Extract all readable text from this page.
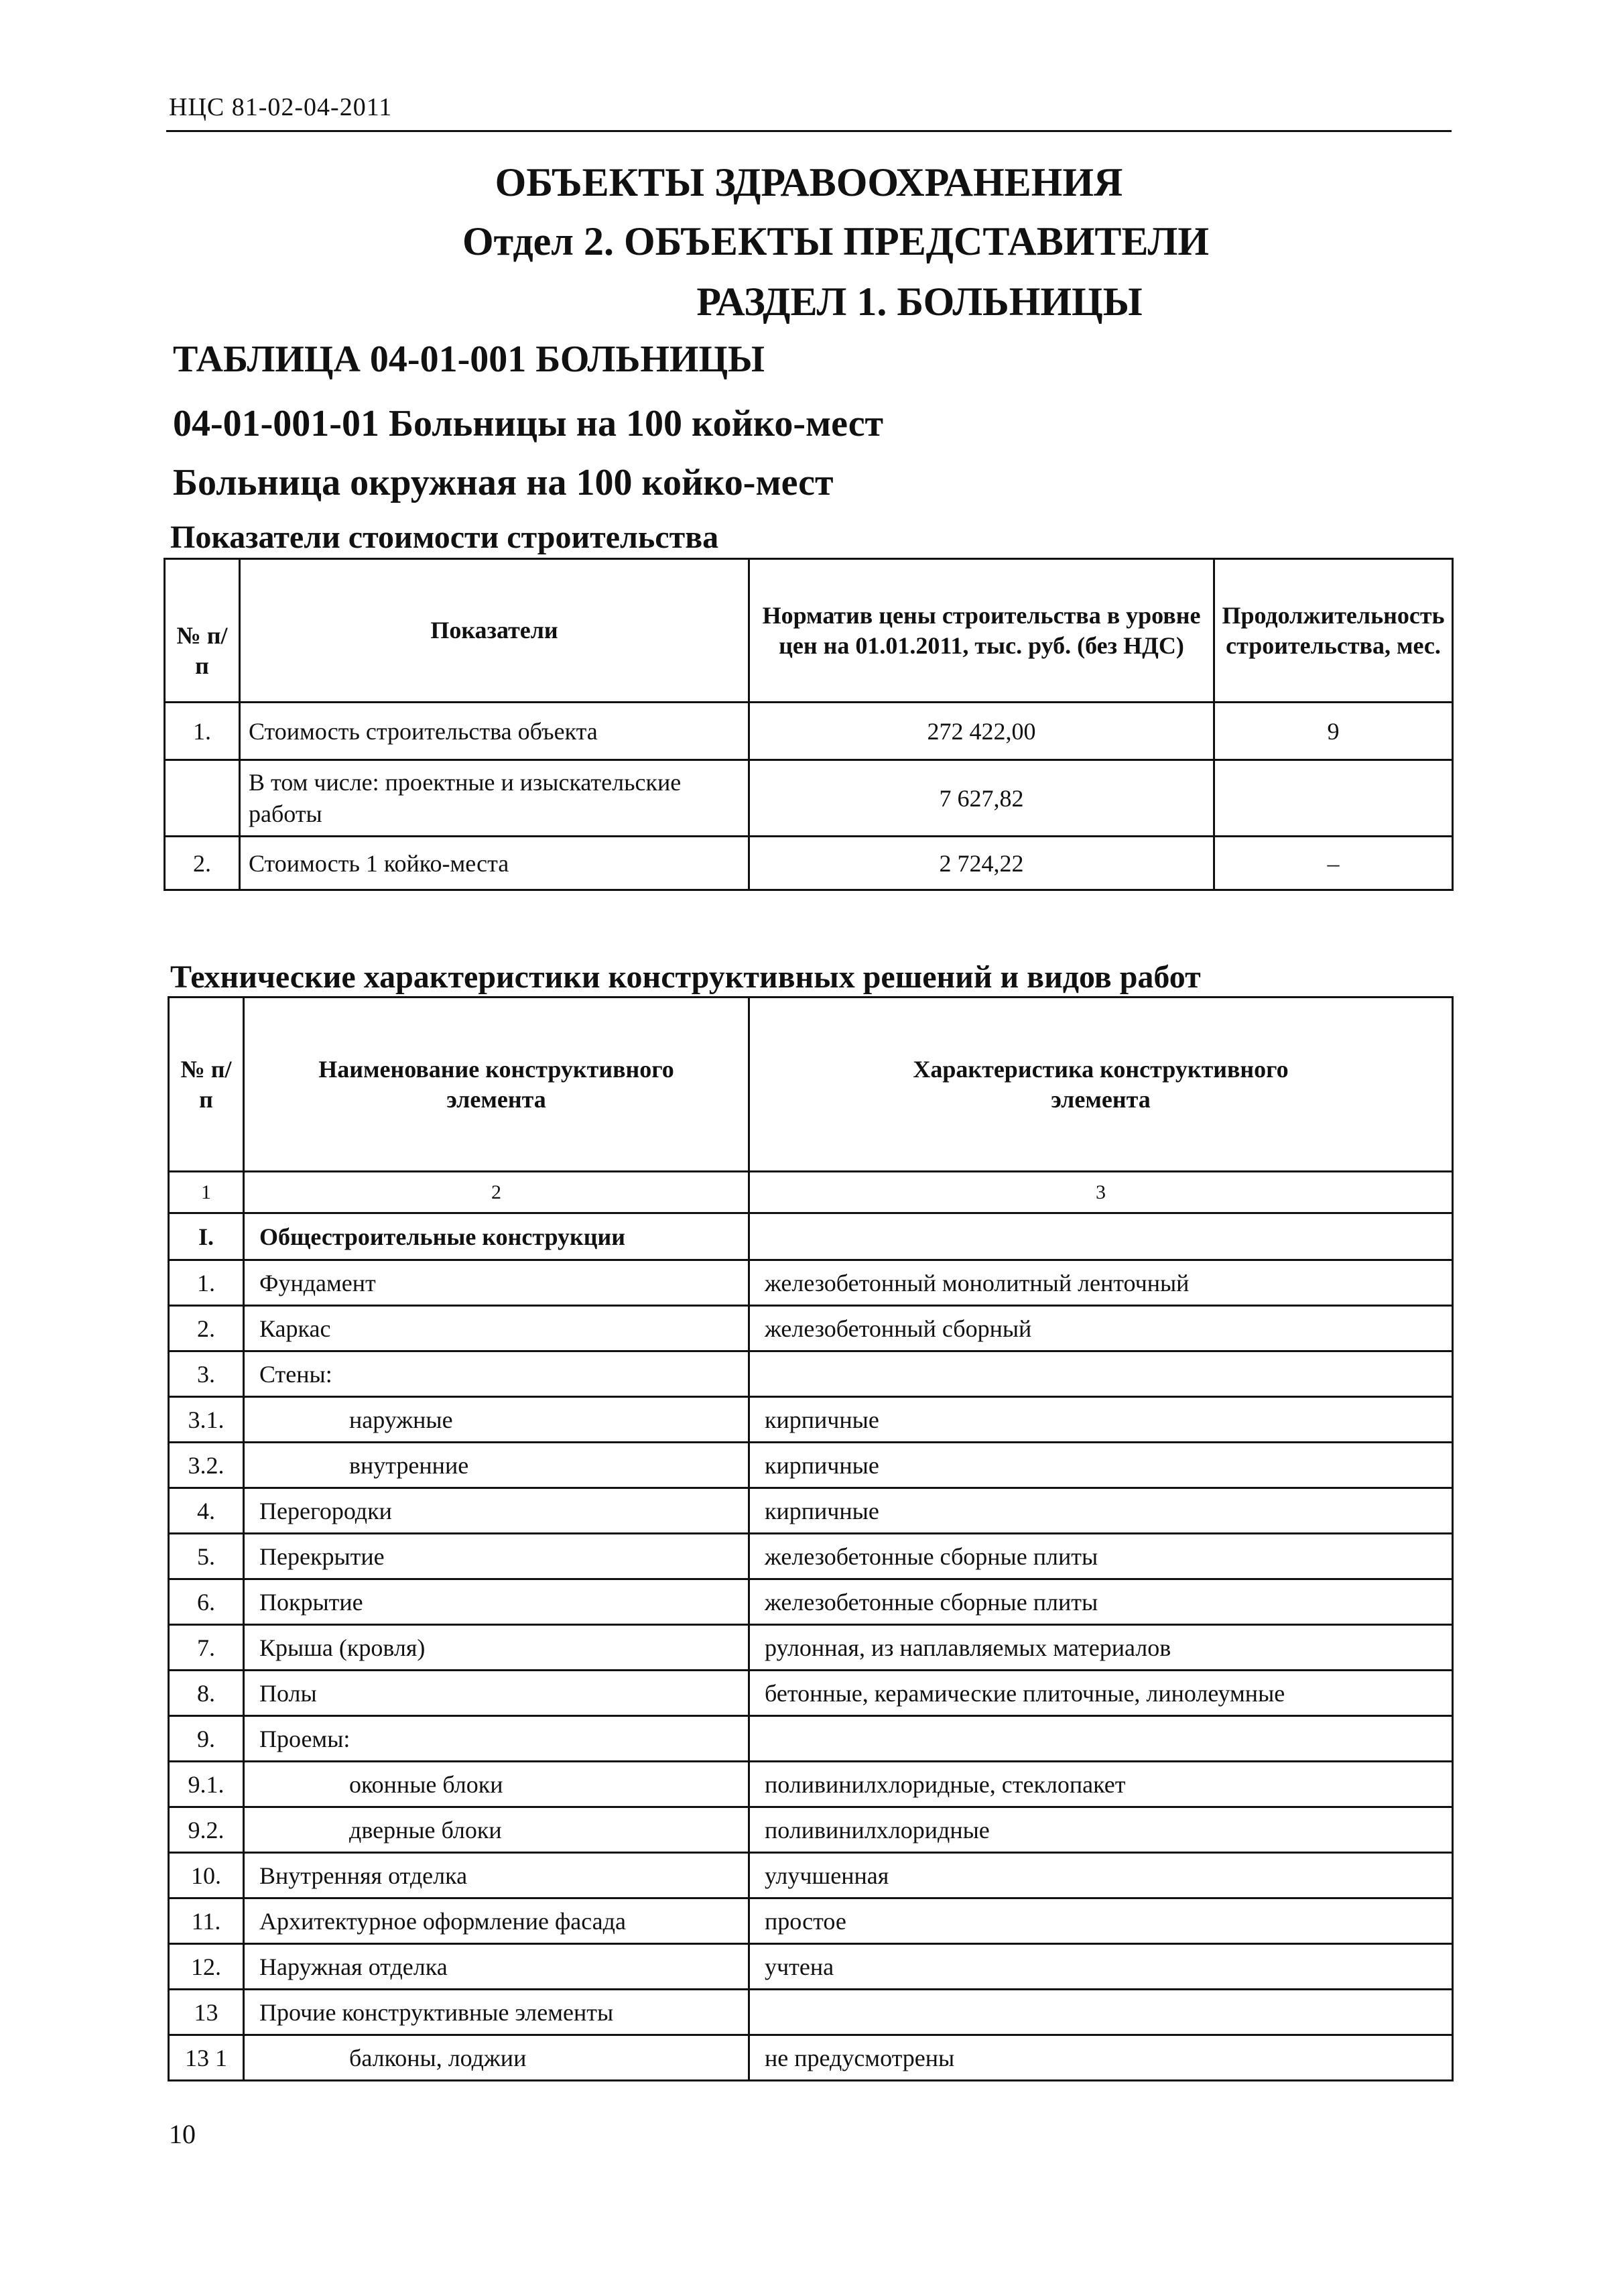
НЦС 81-02-04-2011
ОБЪЕКТЫ ЗДРАВООХРАНЕНИЯ
Отдел 2. ОБЪЕКТЫ ПРЕДСТАВИТЕЛИ
РАЗДЕЛ 1. БОЛЬНИЦЫ
ТАБЛИЦА 04-01-001 БОЛЬНИЦЫ
04-01-001-01 Больницы на 100 койко-мест
Больница окружная на 100 койко-мест
Показатели стоимости строительства
№ п/п	Показатели	Норматив цены строительства в уровне цен на 01.01.2011, тыс. руб. (без НДС)	Продолжительность строительства, мес.
1.	Стоимость строительства объекта	272 422,00	9
	В том числе: проектные и изыскательские работы	7 627,82	
2.	Стоимость 1 койко-места	2 724,22	–
Технические характеристики конструктивных решений и видов работ
№ п/п	Наименование конструктивного элемента	Характеристика конструктивного элемента
1	2	3
I.	Общестроительные конструкции	
1.	Фундамент	железобетонный монолитный ленточный
2.	Каркас	железобетонный сборный
3.	Стены:	
3.1.	наружные	кирпичные
3.2.	внутренние	кирпичные
4.	Перегородки	кирпичные
5.	Перекрытие	железобетонные сборные плиты
6.	Покрытие	железобетонные сборные плиты
7.	Крыша (кровля)	рулонная, из наплавляемых материалов
8.	Полы	бетонные, керамические плиточные, линолеумные
9.	Проемы:	
9.1.	оконные блоки	поливинилхлоридные, стеклопакет
9.2.	дверные блоки	поливинилхлоридные
10.	Внутренняя отделка	улучшенная
11.	Архитектурное оформление фасада	простое
12.	Наружная отделка	учтена
13	Прочие конструктивные элементы	
13 1	балконы, лоджии	не предусмотрены
10
